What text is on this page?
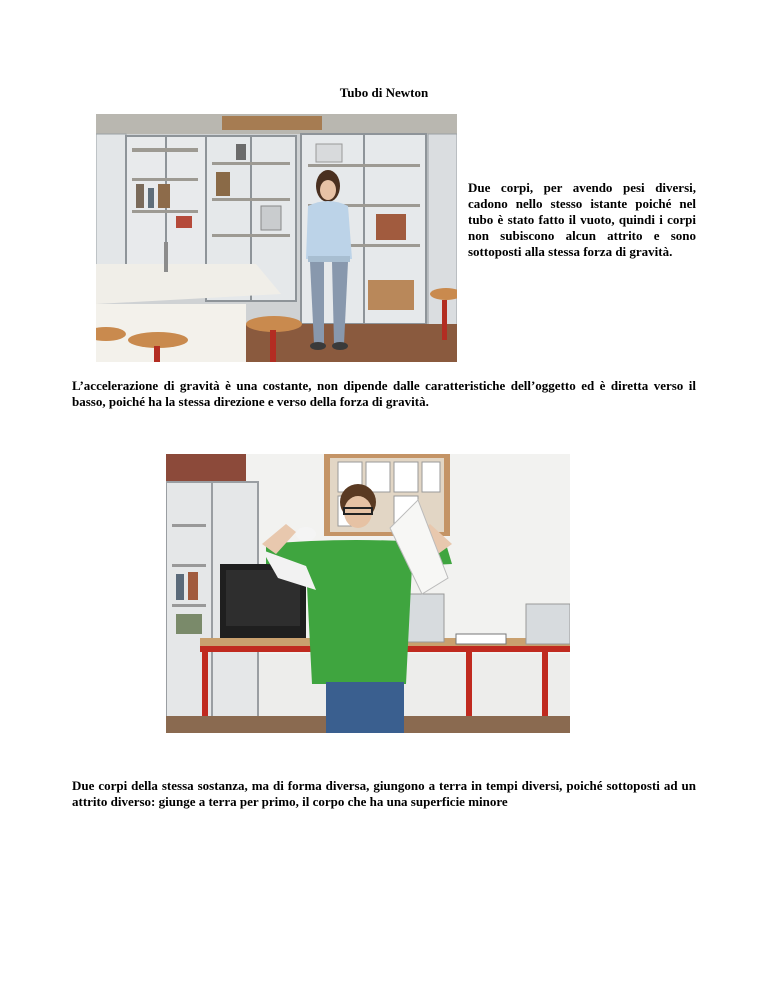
Tubo di Newton
Due corpi, per avendo pesi diversi, cadono nello stesso istante poiché nel tubo è stato fatto il vuoto, quindi i corpi non subiscono alcun attrito e sono sottoposti alla stessa forza di gravità.
L’accelerazione di gravità è una costante, non dipende dalle caratteristiche dell’oggetto ed è diretta verso il basso, poiché ha la stessa direzione e verso della forza di gravità.
Due corpi della stessa sostanza, ma di forma diversa, giungono a terra in tempi diversi, poiché sottoposti ad un attrito diverso: giunge a terra per primo, il corpo che ha una superficie minore
